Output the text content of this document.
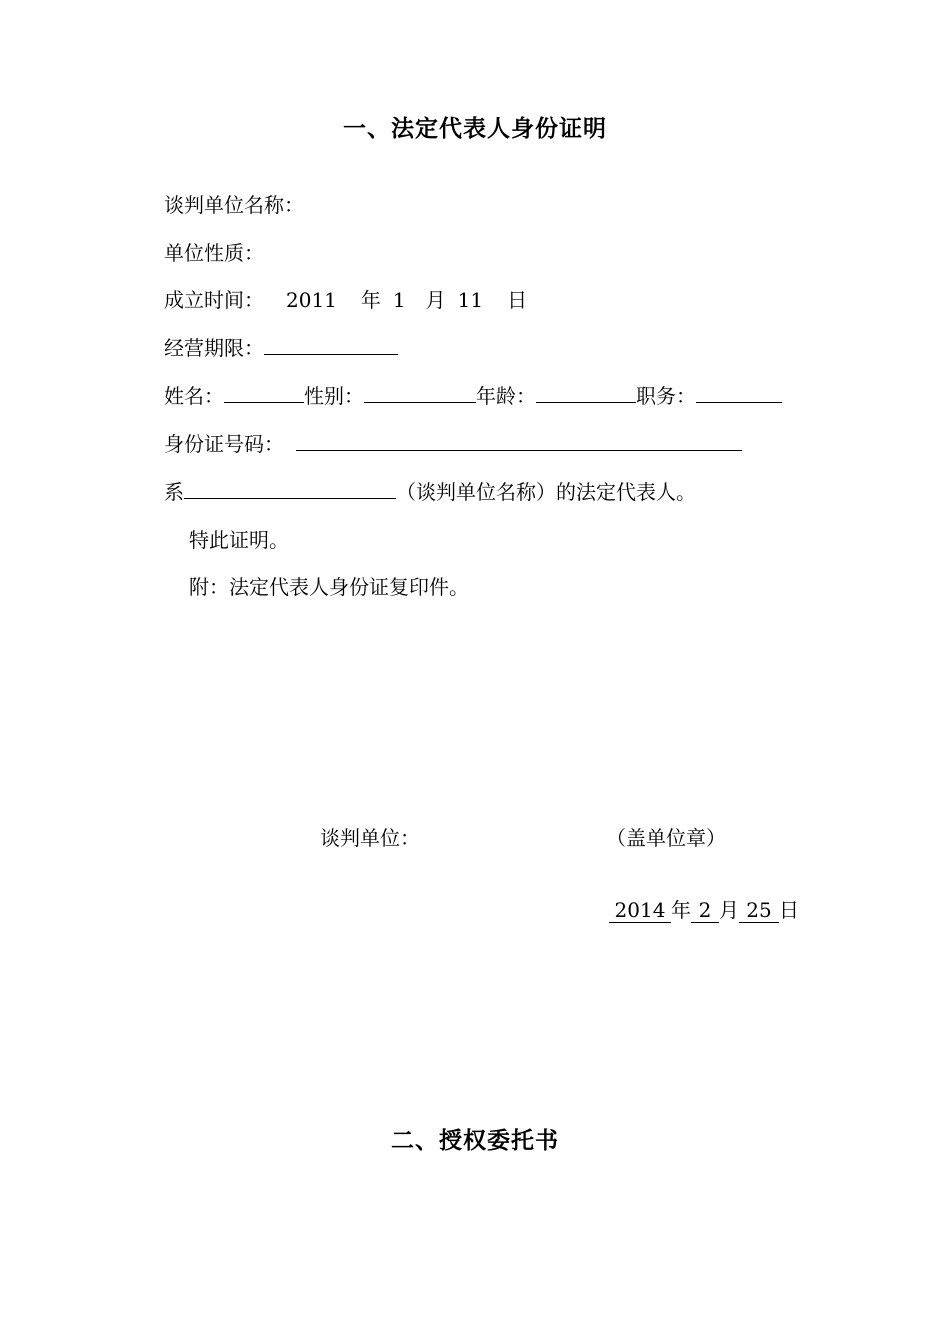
一、法定代表人身份证明
谈判单位名称：
单位性质：
成立时间： 2011 年 1 月 11 日
经营期限：
姓名：	性别：	年龄：	职务：
身份证号码：
系	（谈判单位名称）的法定代表人。
特此证明。
附：法定代表人身份证复印件。
谈判单位：	（盖单位章）
2014 年 2 月 25 日
二、授权委托书
